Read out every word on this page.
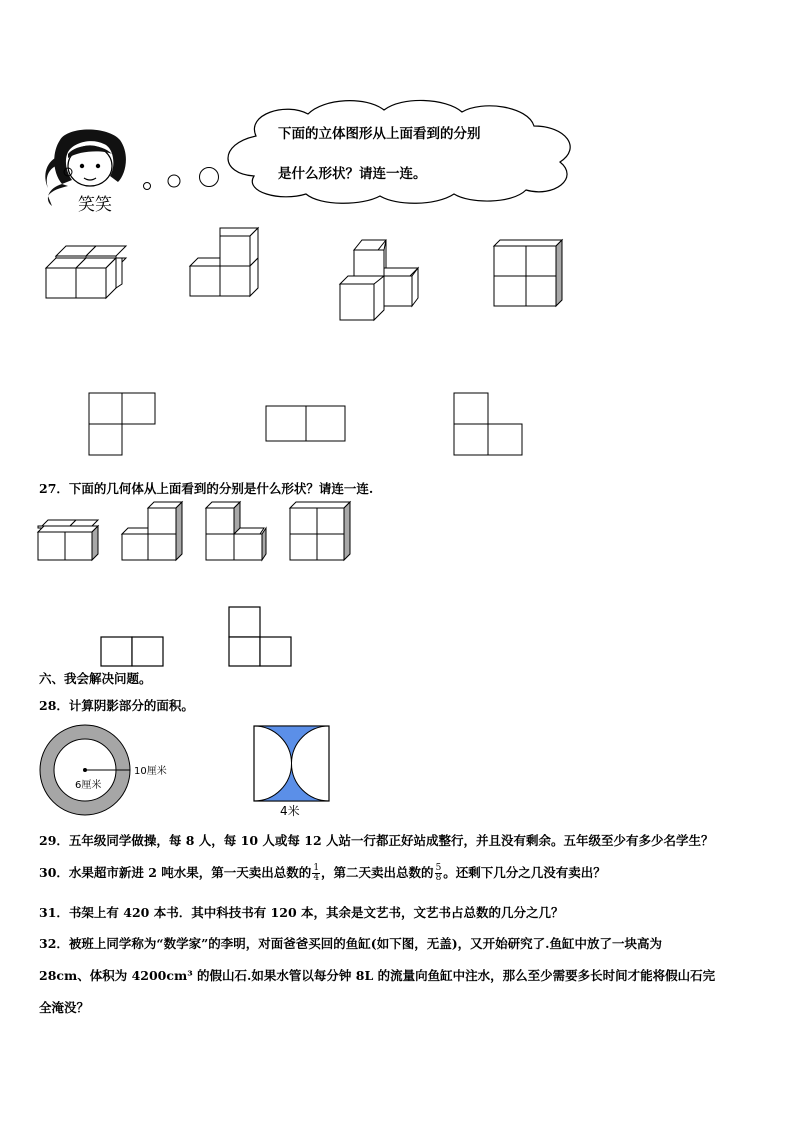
笑笑
下面的立体图形从上面看到的分别
是什么形状？请连一连。
27．下面的几何体从上面看到的分别是什么形状？请连一连.
六、我会解决问题。
28．计算阴影部分的面积。
6厘米
10厘米
4米
29．五年级同学做操，每 8 人，每 10 人或每 12 人站一行都正好站成整行，并且没有剩余。五年级至少有多少名学生？
30．水果超市新进 2 吨水果，第一天卖出总数的 $\frac{1}{4}$ ，第二天卖出总数的 $\frac{5}{8}$ 。还剩下几分之几没有卖出？
31．书架上有 420 本书．其中科技书有 120 本，其余是文艺书，文艺书占总数的几分之几？
32．被班上同学称为“数学家”的李明，对面爸爸买回的鱼缸(如下图，无盖)，又开始研究了.鱼缸中放了一块高为
28cm、体积为 4200cm³ 的假山石.如果水管以每分钟 8L 的流量向鱼缸中注水，那么至少需要多长时间才能将假山石完
全淹没？
